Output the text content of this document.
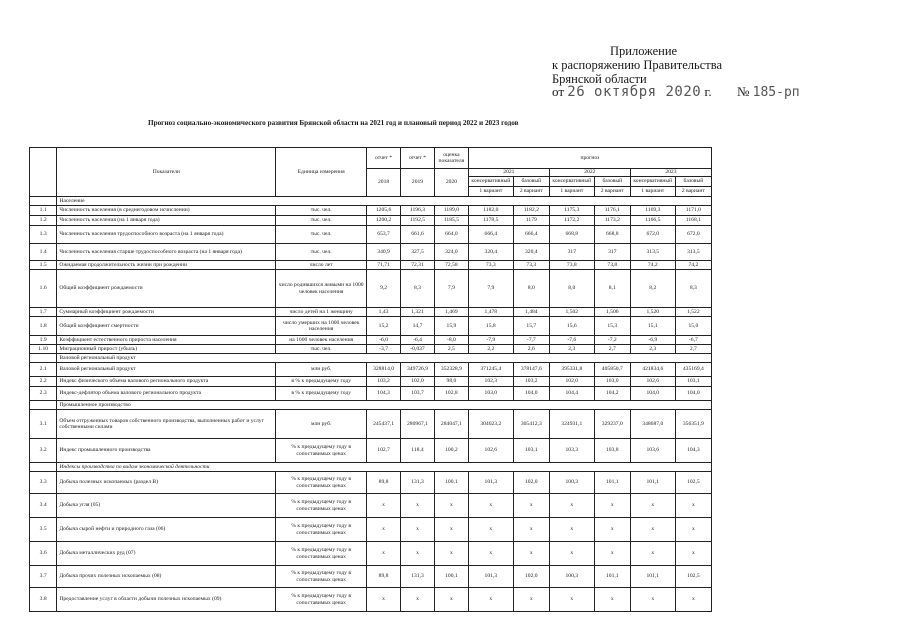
Приложение
к распоряжению Правительства
Брянской области
от 26 октября 2020 г. № 185-рп
Прогноз социально-экономического развития Брянской области на 2021 год и плановый период 2022 и 2023 годов
	Показатели	Единица измерения	отчет *	отчет *	оценка показателя	прогноз					
			2018	2019	2020	2021		2022		2023	
						консервативный	базовый	консервативный	базовый	консервативный	базовый
						1 вариант	2 вариант	1 вариант	2 вариант	1 вариант	2 вариант
	Население										
1.1	Численность населения (в среднегодовом исчислении)	тыс. чел.	1205,6	1196,3	1189,0	1182,0	1182,2	1175,3	1176,1	1169,3	1171,0
1.2	Численность населения (на 1 января года)	тыс. чел.	1200,2	1192,5	1185,5	1178,5	1179	1172,2	1173,2	1166,5	1168,1
1.3	Численность населения трудоспособного возраста (на 1 января года)	тыс. чел.	653,7	661,6	664,0	666,4	666,4	668,8	668,8	672,0	672,0
1.4	Численность населения старше трудоспособного возраста (на 1 января года)	тыс. чел.	340,9	327,5	324,0	320,4	320,4	317	317	313,5	313,5
1.5	Ожидаемая продолжительность жизни при рождении	число лет	71,71	72,31	72,58	73,3	73,3	73,8	73,8	74,2	74,2
1.6	Общий коэффициент рождаемости	число родившихся живыми на 1000 человек населения	9,2	8,3	7,9	7,9	8,0	8,0	8,1	8,2	8,3
1.7	Суммарный коэффициент рождаемости	число детей на 1 женщину	1,43	1,321	1,469	1,478	1,484	1,502	1,506	1,520	1,522
1.8	Общий коэффициент смертности	число умерших на 1000 человек населения	15,2	14,7	15,9	15,8	15,7	15,6	15,3	15,1	15,0
1.9	Коэффициент естественного прироста населения	на 1000 человек населения	-6,0	-6,4	-8,0	-7,9	-7,7	-7,6	-7,2	-6,9	-6,7
1.10	Миграционный прирост (убыль)	тыс. чел.	-3,7	-0,037	2,5	2,2	2,6	2,3	2,7	2,3	2,7
	Валовой региональный продукт										
2.1	Валовой региональный продукт	млн руб.	328814,0	349726,9	352328,9	371245,4	378147,6	395331,8	405850,7	421834,6	435169,4
2.2	Индекс физического объема валового регионального продукта	в % к предыдущему году	103,2	102,0	98,0	102,3	103,2	102,0	103,0	102,6	103,1
2.3	Индекс-дефлятор объема валового регионального продукта	в % к предыдущему году	104,3	103,7	102,8	103,0	104,0	104,4	104,2	104,0	104,0
	Промышленное производство										
3.1	Объем отгруженных товаров собственного производства, выполненных работ и услуг собственными силами	млн руб.	245437,1	280967,1	284047,1	304023,2	305412,3	324931,1	329237,0	348687,0	356351,9
3.2	Индекс промышленного производства	% к предыдущему году в сопоставимых ценах	102,7	118,4	100,2	102,6	103,1	103,3	103,8	103,6	104,3
	Индексы производства по видам экономической деятельности										
3.3	Добыча полезных ископаемых (раздел В)	% к предыдущему году в сопоставимых ценах	89,8	131,3	100,1	101,3	102,0	100,3	101,1	101,1	102,5
3.4	Добыча угля (05)	% к предыдущему году в сопоставимых ценах	x	x	x	x	x	x	x	x	x
3.5	Добыча сырой нефти и природного газа (06)	% к предыдущему году в сопоставимых ценах	x	x	x	x	x	x	x	x	x
3.6	Добыча металлических руд (07)	% к предыдущему году в сопоставимых ценах	x	x	x	x	x	x	x	x	x
3.7	Добыча прочих полезных ископаемых (08)	% к предыдущему году в сопоставимых ценах	89,8	131,3	100,1	101,3	102,0	100,3	101,1	101,1	102,5
3.8	Предоставление услуг в области добычи полезных ископаемых (09)	% к предыдущему году в сопоставимых ценах	x	x	x	x	x	x	x	x	x
